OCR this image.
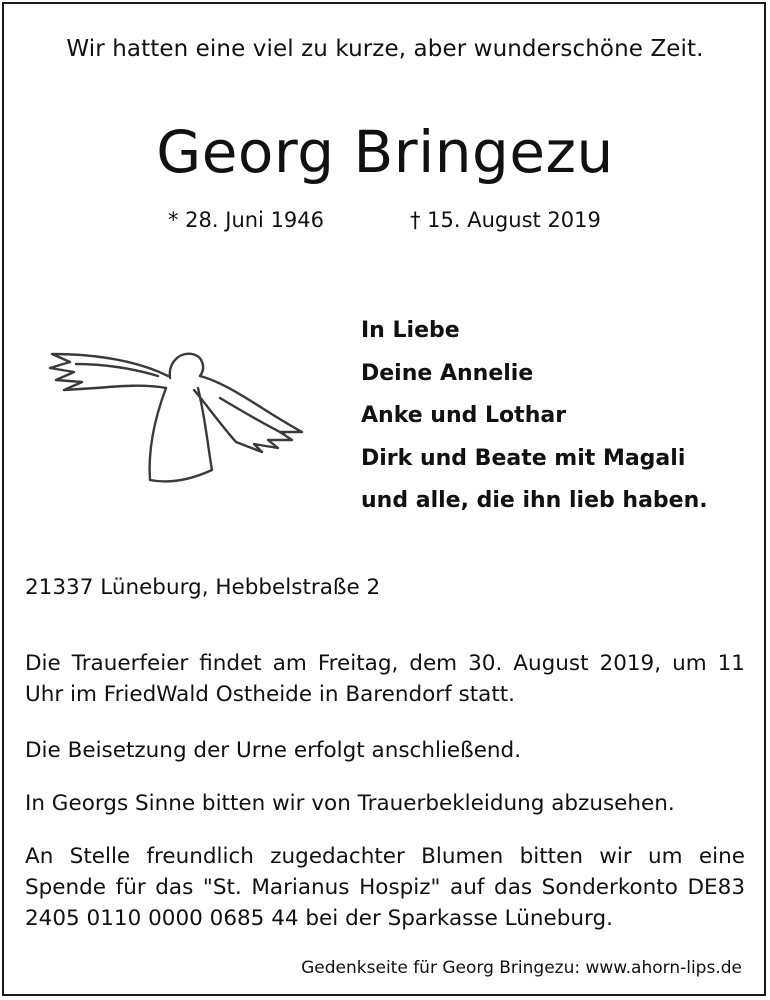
Wir hatten eine viel zu kurze, aber wunderschöne Zeit.
Georg Bringezu
* 28. Juni 1946	† 15. August 2019
In Liebe
Deine Annelie
Anke und Lothar
Dirk und Beate mit Magali
und alle, die ihn lieb haben.
21337 Lüneburg, Hebbelstraße 2
Die Trauerfeier findet am Freitag, dem 30. August 2019, um 11 Uhr im FriedWald Ostheide in Barendorf statt.
Die Beisetzung der Urne erfolgt anschließend.
In Georgs Sinne bitten wir von Trauerbekleidung abzusehen.
An Stelle freundlich zugedachter Blumen bitten wir um eine Spende für das "St. Marianus Hospiz" auf das Sonderkonto DE83 2405 0110 0000 0685 44 bei der Sparkasse Lüneburg.
Gedenkseite für Georg Bringezu: www.ahorn-lips.de
